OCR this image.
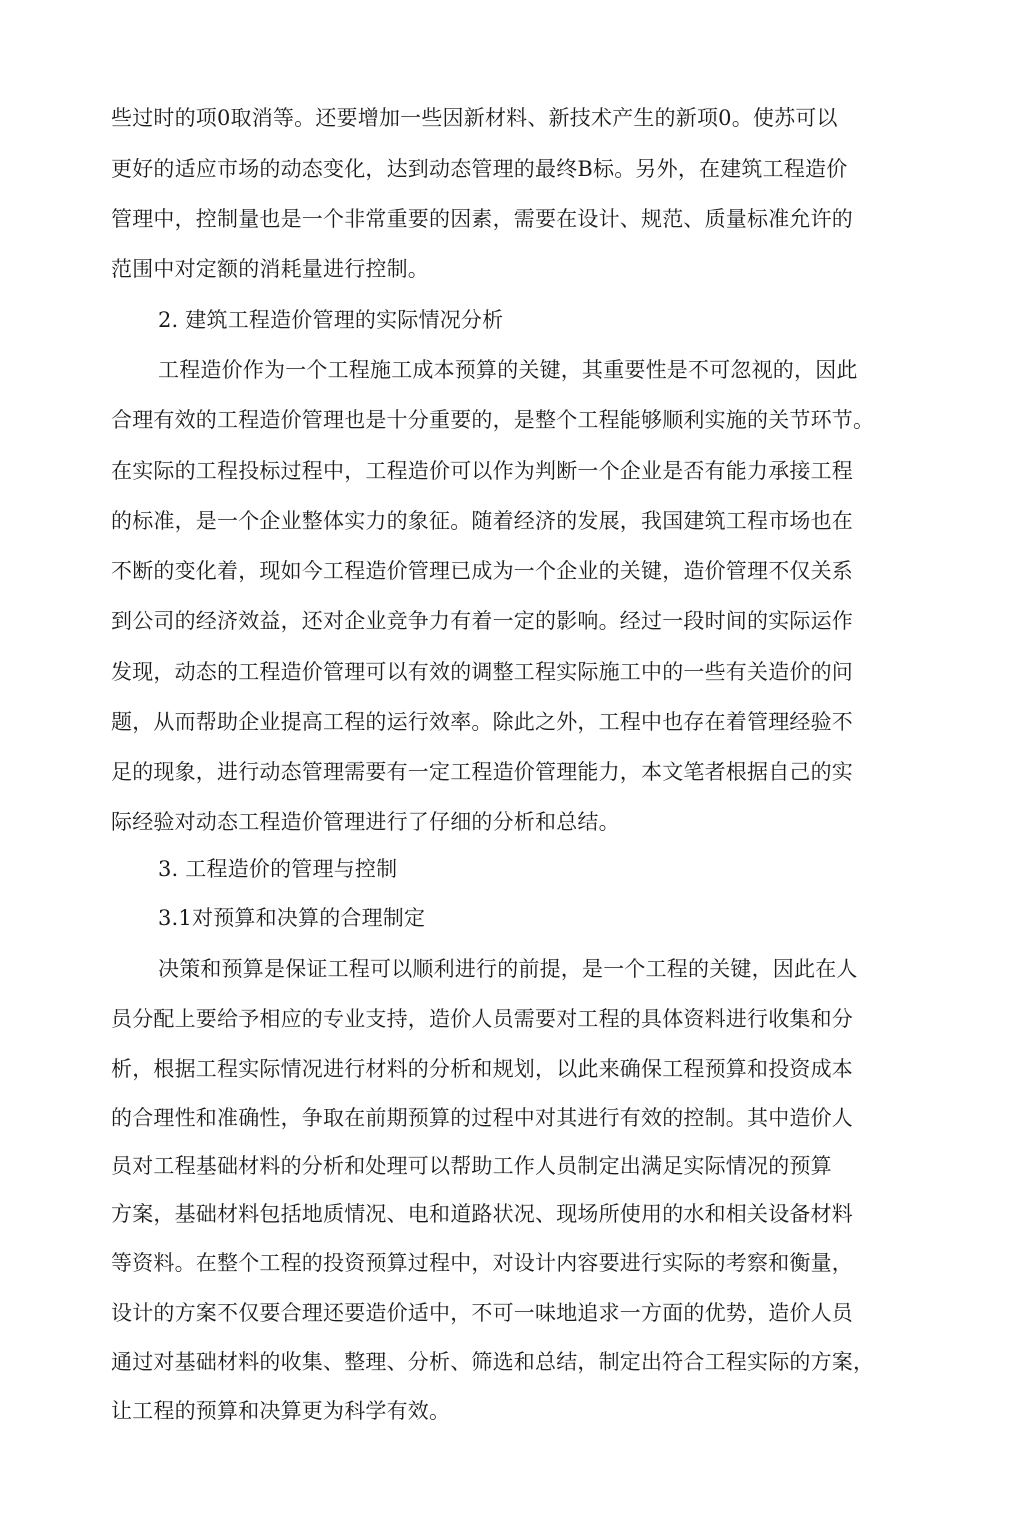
些过时的项0取消等。还要增加一些因新材料、新技术产生的新项0。使苏可以
更好的适应市场的动态变化，达到动态管理的最终B标。另外，在建筑工程造价
管理中，控制量也是一个非常重要的因素，需要在设计、规范、质量标准允许的
范围中对定额的消耗量进行控制。
2. 建筑工程造价管理的实际情况分析
工程造价作为一个工程施工成本预算的关键，其重要性是不可忽视的，因此
合理有效的工程造价管理也是十分重要的，是整个工程能够顺利实施的关节环节。
在实际的工程投标过程中，工程造价可以作为判断一个企业是否有能力承接工程
的标准，是一个企业整体实力的象征。随着经济的发展，我国建筑工程市场也在
不断的变化着，现如今工程造价管理已成为一个企业的关键，造价管理不仅关系
到公司的经济效益，还对企业竞争力有着一定的影响。经过一段时间的实际运作
发现，动态的工程造价管理可以有效的调整工程实际施工中的一些有关造价的问
题，从而帮助企业提高工程的运行效率。除此之外，工程中也存在着管理经验不
足的现象，进行动态管理需要有一定工程造价管理能力，本文笔者根据自己的实
际经验对动态工程造价管理进行了仔细的分析和总结。
3. 工程造价的管理与控制
3.1对预算和决算的合理制定
决策和预算是保证工程可以顺利进行的前提，是一个工程的关键，因此在人
员分配上要给予相应的专业支持，造价人员需要对工程的具体资料进行收集和分
析，根据工程实际情况进行材料的分析和规划，以此来确保工程预算和投资成本
的合理性和准确性，争取在前期预算的过程中对其进行有效的控制。其中造价人
员对工程基础材料的分析和处理可以帮助工作人员制定出满足实际情况的预算
方案，基础材料包括地质情况、电和道路状况、现场所使用的水和相关设备材料
等资料。在整个工程的投资预算过程中，对设计内容要进行实际的考察和衡量，
设计的方案不仅要合理还要造价适中，不可一味地追求一方面的优势，造价人员
通过对基础材料的收集、整理、分析、筛选和总结，制定出符合工程实际的方案，
让工程的预算和决算更为科学有效。
